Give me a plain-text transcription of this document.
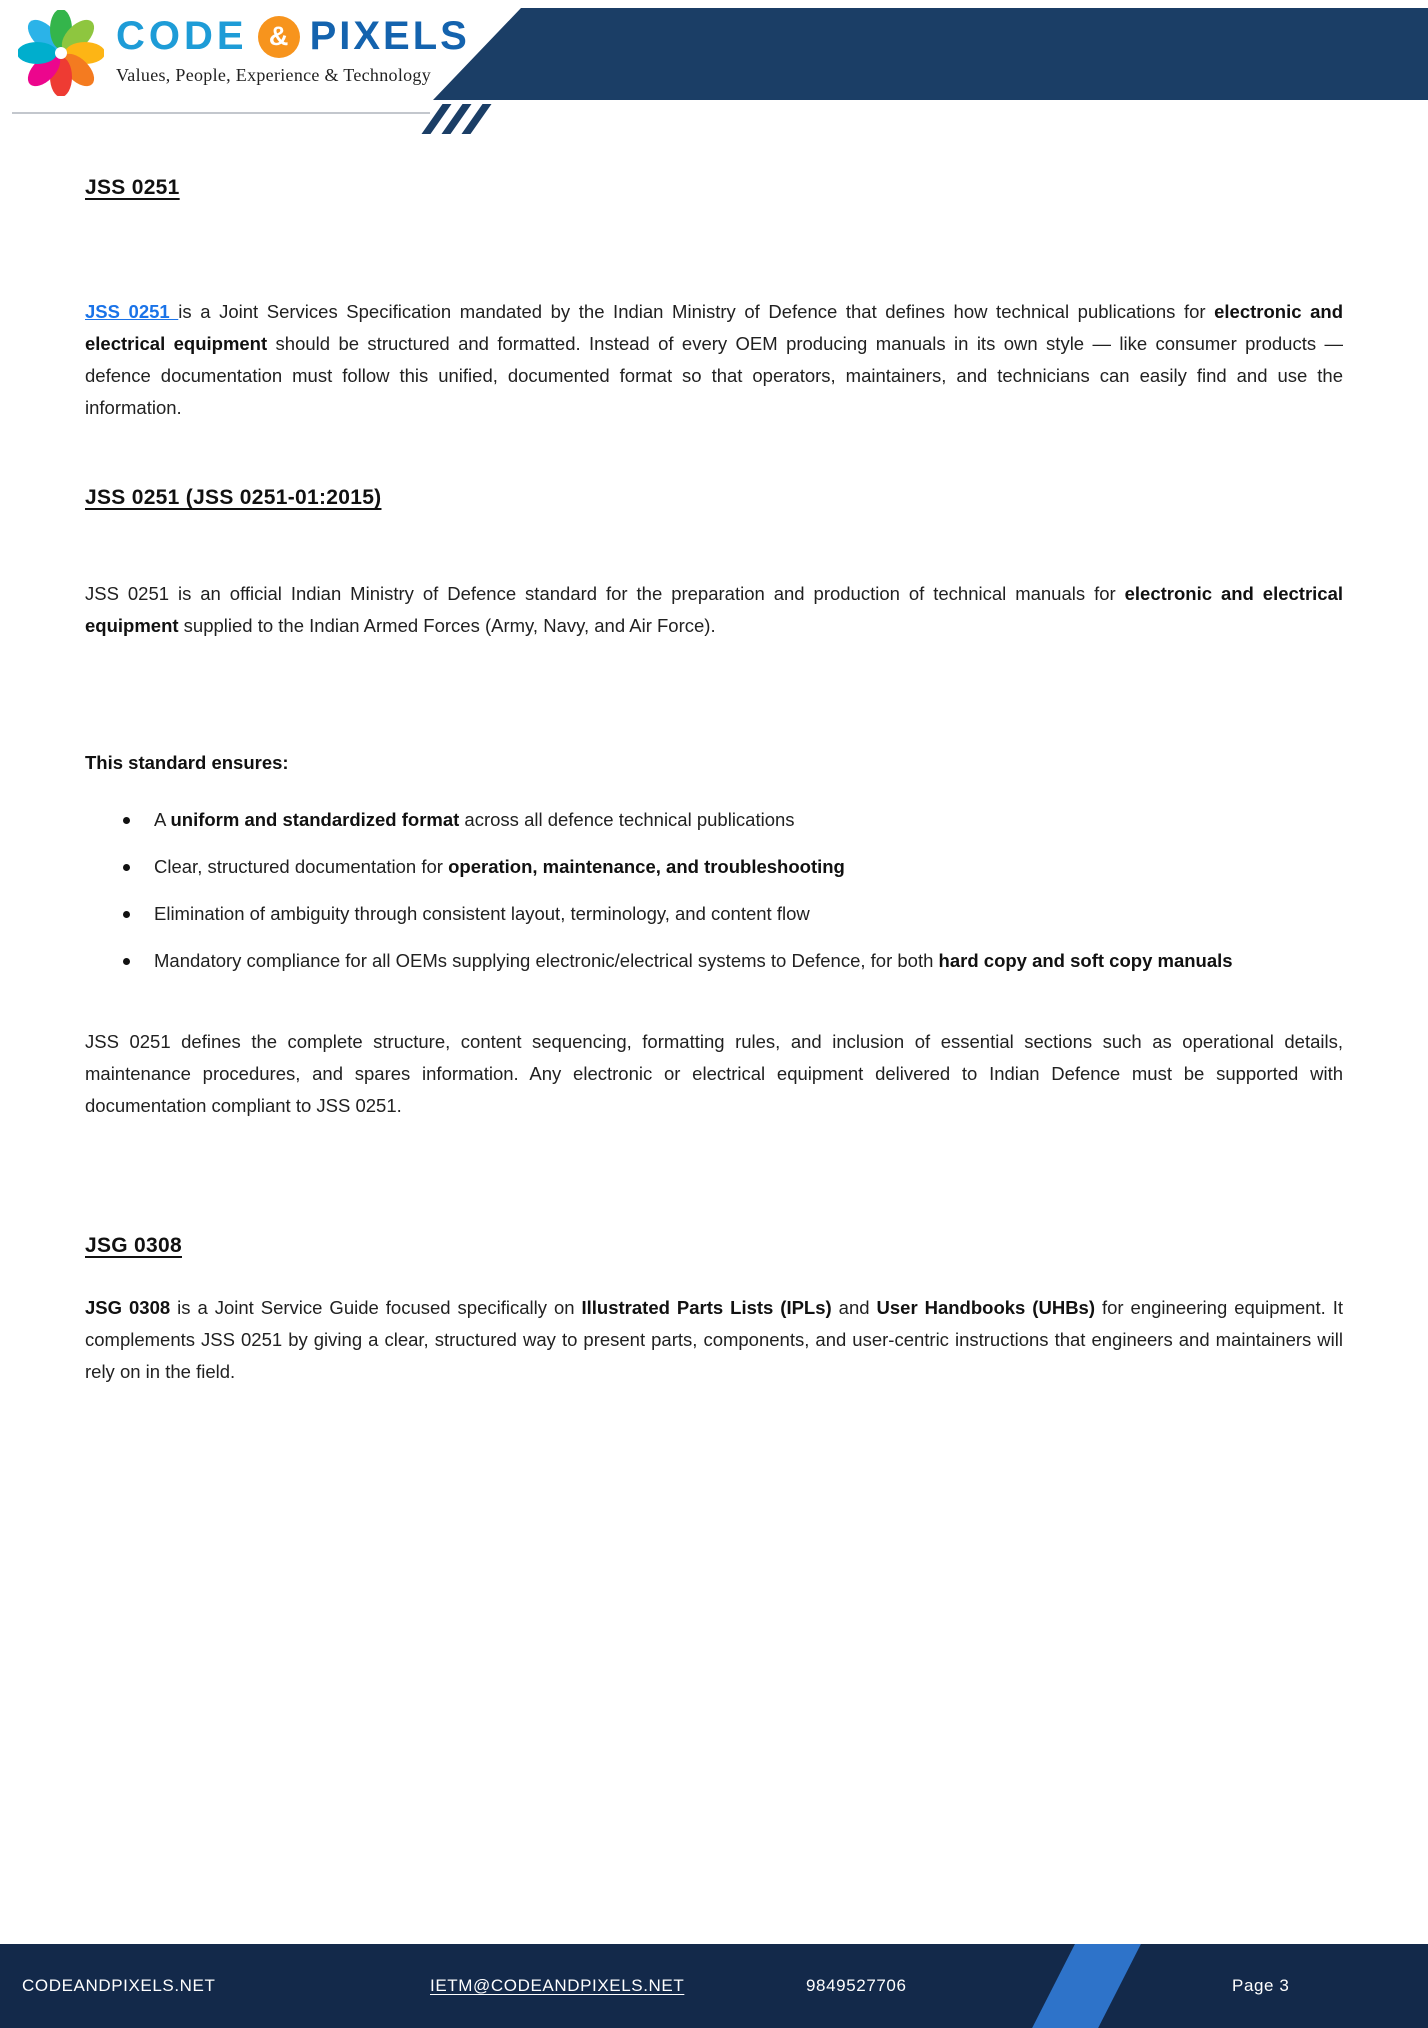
CODE & PIXELS
Values, People, Experience & Technology
JSS 0251
JSS 0251 is a Joint Services Specification mandated by the Indian Ministry of Defence that defines how technical publications for electronic and electrical equipment should be structured and formatted. Instead of every OEM producing manuals in its own style — like consumer products — defence documentation must follow this unified, documented format so that operators, maintainers, and technicians can easily find and use the information.
JSS 0251 (JSS 0251-01:2015)
JSS 0251 is an official Indian Ministry of Defence standard for the preparation and production of technical manuals for electronic and electrical equipment supplied to the Indian Armed Forces (Army, Navy, and Air Force).
This standard ensures:
A uniform and standardized format across all defence technical publications
Clear, structured documentation for operation, maintenance, and troubleshooting
Elimination of ambiguity through consistent layout, terminology, and content flow
Mandatory compliance for all OEMs supplying electronic/electrical systems to Defence, for both hard copy and soft copy manuals
JSS 0251 defines the complete structure, content sequencing, formatting rules, and inclusion of essential sections such as operational details, maintenance procedures, and spares information. Any electronic or electrical equipment delivered to Indian Defence must be supported with documentation compliant to JSS 0251.
JSG 0308
JSG 0308 is a Joint Service Guide focused specifically on Illustrated Parts Lists (IPLs) and User Handbooks (UHBs) for engineering equipment. It complements JSS 0251 by giving a clear, structured way to present parts, components, and user-centric instructions that engineers and maintainers will rely on in the field.
CODEANDPIXELS.NET	IETM@CODEANDPIXELS.NET	9849527706	Page 3
